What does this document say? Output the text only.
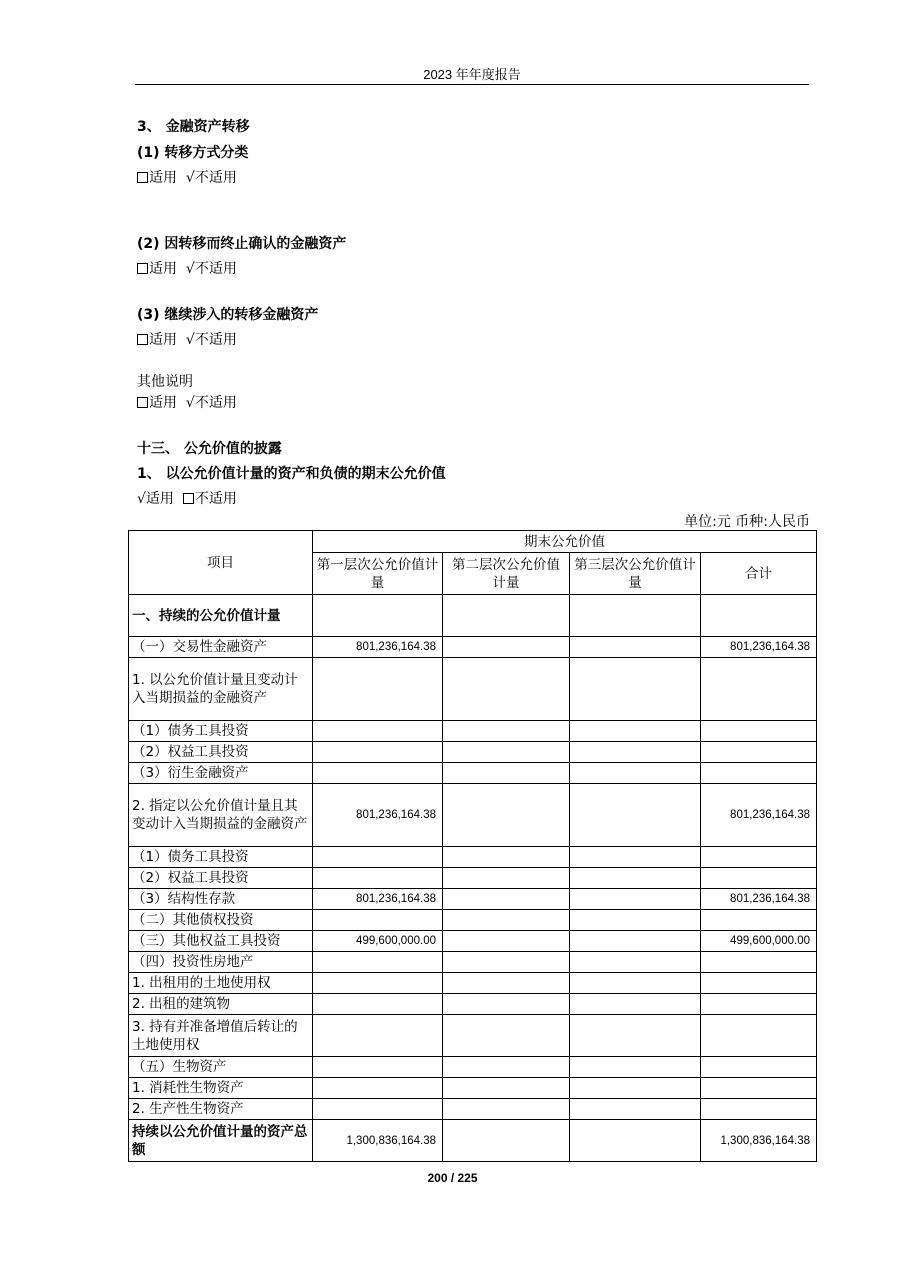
2023 年年度报告
3、 金融资产转移
(1) 转移方式分类
适用 √不适用
(2) 因转移而终止确认的金融资产
适用 √不适用
(3) 继续涉入的转移金融资产
适用 √不适用
其他说明
适用 √不适用
十三、 公允价值的披露
1、 以公允价值计量的资产和负债的期末公允价值
√适用 不适用
单位:元 币种:人民币
项目	期末公允价值			
	第一层次公允价值计量	第二层次公允价值计量	第三层次公允价值计量	合计
一、持续的公允价值计量				
（一）交易性金融资产	801,236,164.38			801,236,164.38
1. 以公允价值计量且变动计入当期损益的金融资产				
（1）债务工具投资				
（2）权益工具投资				
（3）衍生金融资产				
2. 指定以公允价值计量且其变动计入当期损益的金融资产	801,236,164.38			801,236,164.38
（1）债务工具投资				
（2）权益工具投资				
（3）结构性存款	801,236,164.38			801,236,164.38
（二）其他债权投资				
（三）其他权益工具投资	499,600,000.00			499,600,000.00
（四）投资性房地产				
1. 出租用的土地使用权				
2. 出租的建筑物				
3. 持有并准备增值后转让的土地使用权				
（五）生物资产				
1. 消耗性生物资产				
2. 生产性生物资产				
持续以公允价值计量的资产总额	1,300,836,164.38			1,300,836,164.38
200 / 225
